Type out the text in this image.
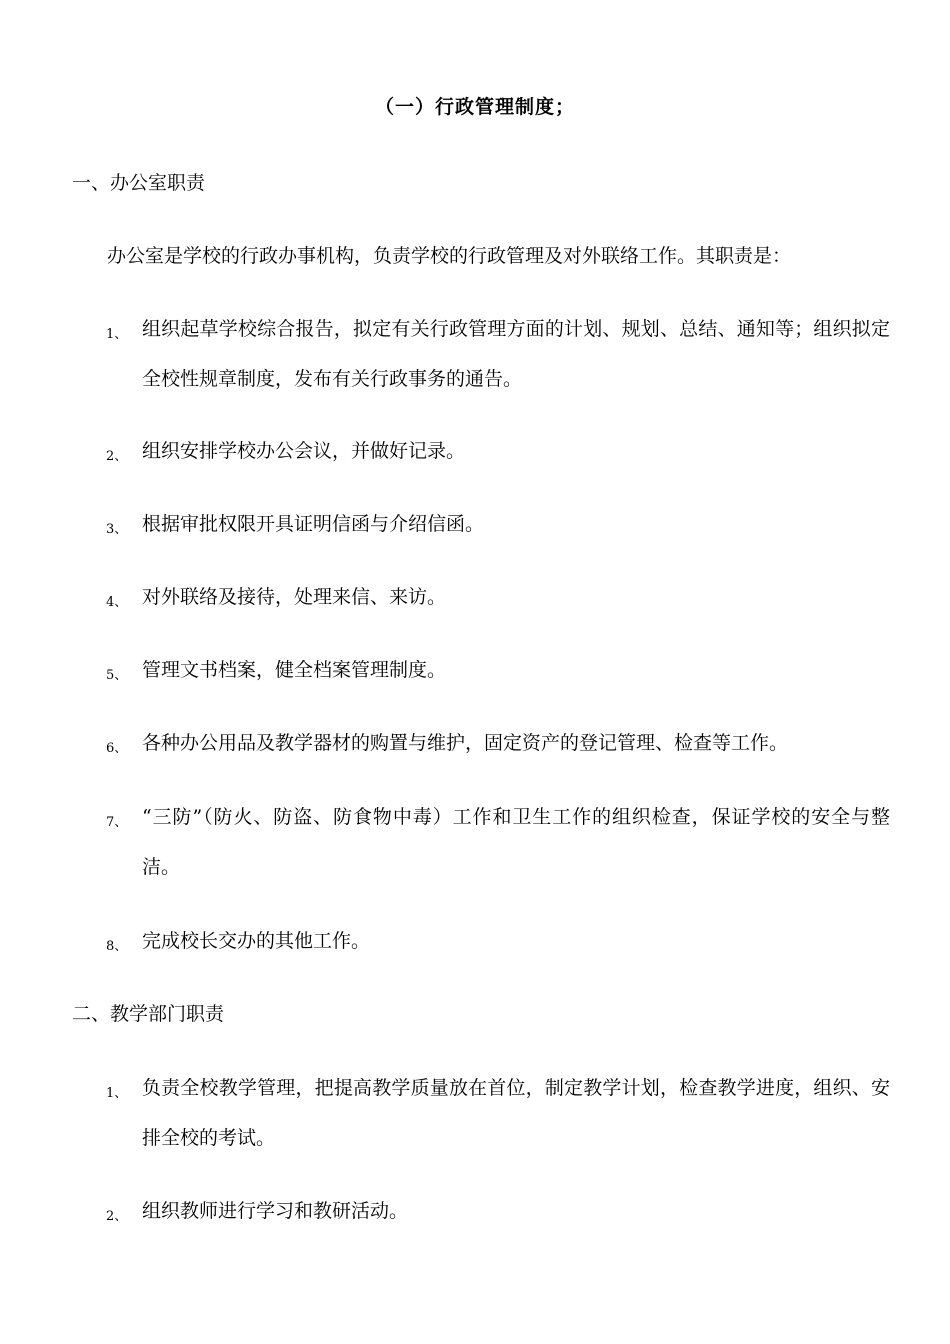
（一）行政管理制度；
一、办公室职责
办公室是学校的行政办事机构，负责学校的行政管理及对外联络工作。其职责是：
1、 组织起草学校综合报告，拟定有关行政管理方面的计划、规划、总结、通知等；组织拟定全校性规章制度，发布有关行政事务的通告。
2、 组织安排学校办公会议，并做好记录。
3、 根据审批权限开具证明信函与介绍信函。
4、 对外联络及接待，处理来信、来访。
5、 管理文书档案，健全档案管理制度。
6、 各种办公用品及教学器材的购置与维护，固定资产的登记管理、检查等工作。
7、 “三防”（防火、防盗、防食物中毒）工作和卫生工作的组织检查，保证学校的安全与整洁。
8、 完成校长交办的其他工作。
二、教学部门职责
1、 负责全校教学管理，把提高教学质量放在首位，制定教学计划，检查教学进度，组织、安排全校的考试。
2、 组织教师进行学习和教研活动。
